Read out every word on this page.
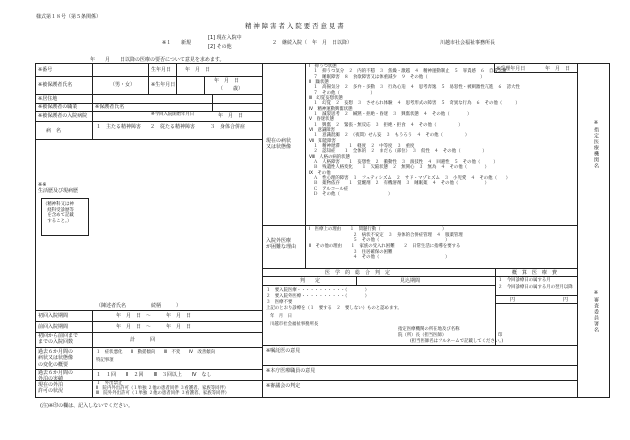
様式第１８号（第５条関係）
精神障害者入院要否意見書
※１ 新規
[1] 現在入院中
[2] その他
２　継続入院（　年　月　日以降）	川越市社会福祉事務所長
年　　月　　日以降の医療の要否について意見を求めます。
※指定医療機関名
※審査委員署名
※番号	生年月日	年　月　日
※被保護者氏名	（男・女）	※生年月日
年　月　日
（　　歳）
※居住地
※被保護者の職業	※保護者氏名
※被保護者の入院病院	※今回入院開始年月日	年　月　日
病　名
１　主たる精神障害 ２　従たる精神障害	３　身体合併症
※※
生活歴及び現病歴
（精神科又は神
　経科受診歴等
　を含めて記載
　すること。）
（陳述者氏名　　　　　続柄　　　）
初回入院期間	年　月　日　〜　　　年　月　日
前回入院期間	年　月　日　〜　　　年　月　日
初回から前回まで
までの入院回数	計　　　回
過去６か月間の
病状又は状態像
の変化の概要
１　症状悪化　　Ⅱ　動揺傾向　　Ⅲ　不変　　Ⅳ　改善傾向
特記事項
過去６か月間の
外泊の実績
１　１回　　Ⅱ　２回　　Ⅲ　３回以上　　Ⅳ　なし
現在の外泊
許可の状況
１　外出禁止
Ⅱ　院内外出許可（１単独 ２他の患者同伴 ３看護者、家族等同伴）
Ⅲ　院外外出許可（１単独 ２他の患者同伴 ３看護者、家族等同伴）
(注)※印の欄は、記入しないでください。
※受理年月日	年　月　日
現在の病状
又は状態像
Ⅰ　抑うつ状態
　１　抑うつ気分　２　内的不穏　３　焦燥・激越　４　精神運動制止　５　罪責感　６　自殺念慮
　７　睡眠障害　８　食欲障害又は体重減少　９　その他（　　　　　　　　　　　　）
Ⅱ　躁状態
　１　高揚気分　２　多弁・多動　３　行為心迫　４　思考奔逸　５　易怒性・被刺激性亢進　６　誇大性
　７　その他（　　　　　　　）
Ⅲ　幻覚妄想状態
　１　幻覚　２　妄想　３　させられ体験　４　思考形式の障害　５　奇異な行為　６　その他（　　　）
Ⅳ　精神運動興奮状態
　１　滅裂思考　２　緘黙・拒絶・昏迷　３　興奮状態　４　その他（　　　　）
Ⅴ　昏迷状態
　１　興奮　２　緊張・無反応　３　拒絶・拒食　４　その他（　　　　　）
Ⅵ　意識障害
　１　意識混濁　２　（夜間）せん妄　３　もうろう　４　その他（　　　　　）
Ⅶ　知能障害
　１　精神遅滞　　１　軽度　２　中等度　３　重度
　２　認知症　　１　全体的　２　まだら（部位）　３　仮性　４　その他（　　　　　）
Ⅷ　人格の病的状態
　Ａ　人格障害　　１　妄想性　２　衝動性　３　演技性　４　回避性　５　その他（　　　）
　Ｂ　残遺性人格変化　　１　欠陥状態　２　無関心　３　無為　４　その他（　　　　）
Ⅸ　その他
　Ａ　性心理的障害　１　フェティシズム　２　サド・マゾヒズム　３　小児愛　４　その他（　　）
　Ｂ　薬物依存　　１　覚醒剤　２　有機溶剤　３　睡眠薬　４　その他（　　　　　　）
　Ｃ　アルコール症
　Ｄ　その他（　　　　　　　　　　　）
入院外医療
が困難な理由
Ⅰ　医療上の理由　　１　問題行動（　　　　　　　　　　　　　　）
　　　　　　　　　　２　病状不安定　３　身体的合併症管理　４　服薬管理
　　　　　　　　　　５　その他（　　　　　　　　　　　　　　　）
Ⅱ　その他の理由　　１　家族の受入れ困難　　２　日常生活に指導を要する
　　　　　　　　　　３　住居確保の困難
　　　　　　　　　　４　その他（　　　　　　　　　　　　　　　）
医　学　的　総　合　判　定	概　算　医　療　費
判　　定	見込期間
１　要入院医療・・・・・・・・・・・（　　　　）
２　要入院外医療・・・・・・・・・・（　　　　）
３　医療不要
１　今回診療日の属する月
２　今回診療日の属する月の翌月以降
円	円
上記のとおり診療を（１　要する　２　要しない）ものと認めます。
年　月　日
川越市社会福祉事務所長
指定医療機関の所在地及び名称
院（所）長（担当医師）	印
(担当医師名はフルネームで記載してください。)
※嘱託医の意見
※本庁医療職員の意見
※審議会の判定
